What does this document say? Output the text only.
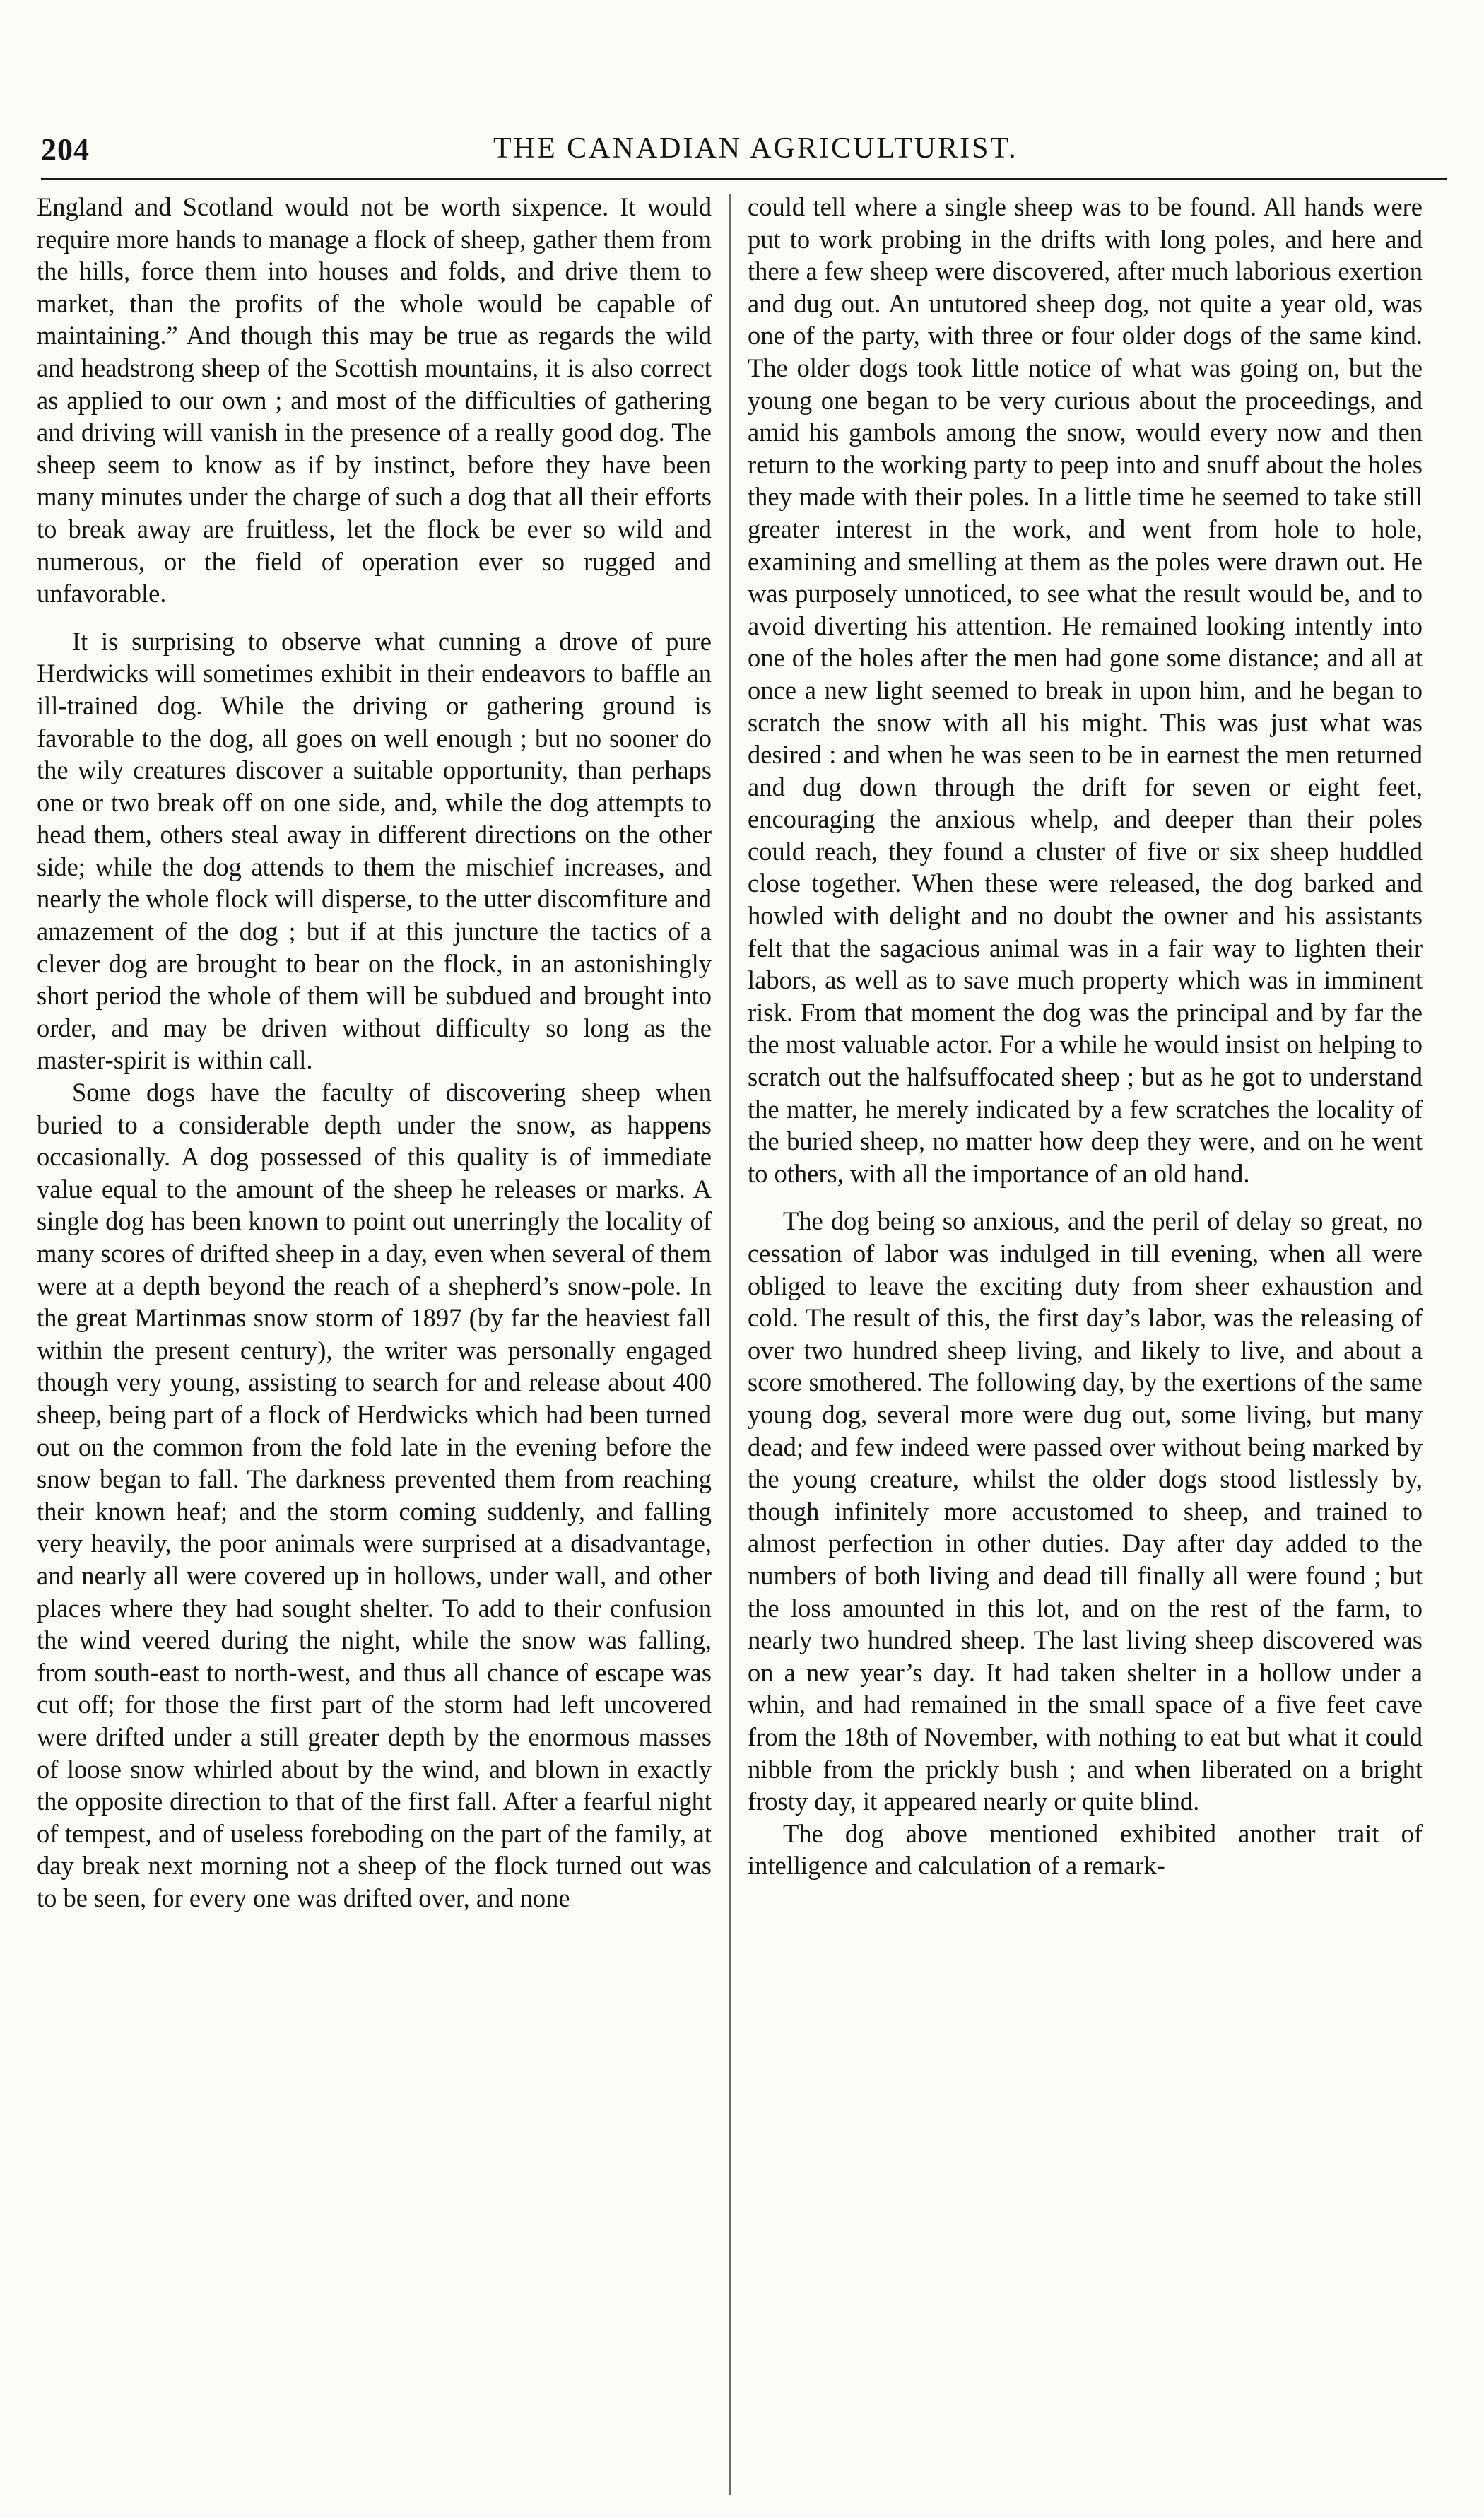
204	THE CANADIAN AGRICULTURIST.

England and Scotland would not be worth sixpence. It would require more hands to manage a flock of sheep, gather them from the hills, force them into houses and folds, and drive them to market, than the profits of the whole would be capable of maintaining.” And though this may be true as regards the wild and headstrong sheep of the Scottish mountains, it is also correct as applied to our own ; and most of the difficulties of gathering and driving will vanish in the presence of a really good dog. The sheep seem to know as if by instinct, before they have been many minutes under the charge of such a dog that all their efforts to break away are fruitless, let the flock be ever so wild and numerous, or the field of operation ever so rugged and unfavorable.

It is surprising to observe what cunning a drove of pure Herdwicks will sometimes exhibit in their endeavors to baffle an ill-trained dog. While the driving or gathering ground is favorable to the dog, all goes on well enough ; but no sooner do the wily creatures discover a suitable opportunity, than perhaps one or two break off on one side, and, while the dog attempts to head them, others steal away in different directions on the other side; while the dog attends to them the mischief increases, and nearly the whole flock will disperse, to the utter discomfiture and amazement of the dog ; but if at this juncture the tactics of a clever dog are brought to bear on the flock, in an astonishingly short period the whole of them will be subdued and brought into order, and may be driven without difficulty so long as the master-spirit is within call.

Some dogs have the faculty of discovering sheep when buried to a considerable depth under the snow, as happens occasionally. A dog possessed of this quality is of immediate value equal to the amount of the sheep he releases or marks. A single dog has been known to point out unerringly the locality of many scores of drifted sheep in a day, even when several of them were at a depth beyond the reach of a shepherd’s snow-pole. In the great Martinmas snow storm of 1897 (by far the heaviest fall within the present century), the writer was personally engaged though very young, assisting to search for and release about 400 sheep, being part of a flock of Herdwicks which had been turned out on the common from the fold late in the evening before the snow began to fall. The darkness prevented them from reaching their known heaf; and the storm coming suddenly, and falling very heavily, the poor animals were surprised at a disadvantage, and nearly all were covered up in hollows, under wall, and other places where they had sought shelter. To add to their confusion the wind veered during the night, while the snow was falling, from south-east to north-west, and thus all chance of escape was cut off; for those the first part of the storm had left uncovered were drifted under a still greater depth by the enormous masses of loose snow whirled about by the wind, and blown in exactly the opposite direction to that of the first fall. After a fearful night of tempest, and of useless foreboding on the part of the family, at day break next morning not a sheep of the flock turned out was to be seen, for every one was drifted over, and none

could tell where a single sheep was to be found. All hands were put to work probing in the drifts with long poles, and here and there a few sheep were discovered, after much laborious exertion and dug out. An untutored sheep dog, not quite a year old, was one of the party, with three or four older dogs of the same kind. The older dogs took little notice of what was going on, but the young one began to be very curious about the proceedings, and amid his gambols among the snow, would every now and then return to the working party to peep into and snuff about the holes they made with their poles. In a little time he seemed to take still greater interest in the work, and went from hole to hole, examining and smelling at them as the poles were drawn out. He was purposely unnoticed, to see what the result would be, and to avoid diverting his attention. He remained looking intently into one of the holes after the men had gone some distance; and all at once a new light seemed to break in upon him, and he began to scratch the snow with all his might. This was just what was desired : and when he was seen to be in earnest the men returned and dug down through the drift for seven or eight feet, encouraging the anxious whelp, and deeper than their poles could reach, they found a cluster of five or six sheep huddled close together. When these were released, the dog barked and howled with delight and no doubt the owner and his assistants felt that the sagacious animal was in a fair way to lighten their labors, as well as to save much property which was in imminent risk. From that moment the dog was the principal and by far the the most valuable actor. For a while he would insist on helping to scratch out the halfsuffocated sheep ; but as he got to understand the matter, he merely indicated by a few scratches the locality of the buried sheep, no matter how deep they were, and on he went to others, with all the importance of an old hand.

The dog being so anxious, and the peril of delay so great, no cessation of labor was indulged in till evening, when all were obliged to leave the exciting duty from sheer exhaustion and cold. The result of this, the first day’s labor, was the releasing of over two hundred sheep living, and likely to live, and about a score smothered. The following day, by the exertions of the same young dog, several more were dug out, some living, but many dead; and few indeed were passed over without being marked by the young creature, whilst the older dogs stood listlessly by, though infinitely more accustomed to sheep, and trained to almost perfection in other duties. Day after day added to the numbers of both living and dead till finally all were found ; but the loss amounted in this lot, and on the rest of the farm, to nearly two hundred sheep. The last living sheep discovered was on a new year’s day. It had taken shelter in a hollow under a whin, and had remained in the small space of a five feet cave from the 18th of November, with nothing to eat but what it could nibble from the prickly bush ; and when liberated on a bright frosty day, it appeared nearly or quite blind.

The dog above mentioned exhibited another trait of intelligence and calculation of a remark-
